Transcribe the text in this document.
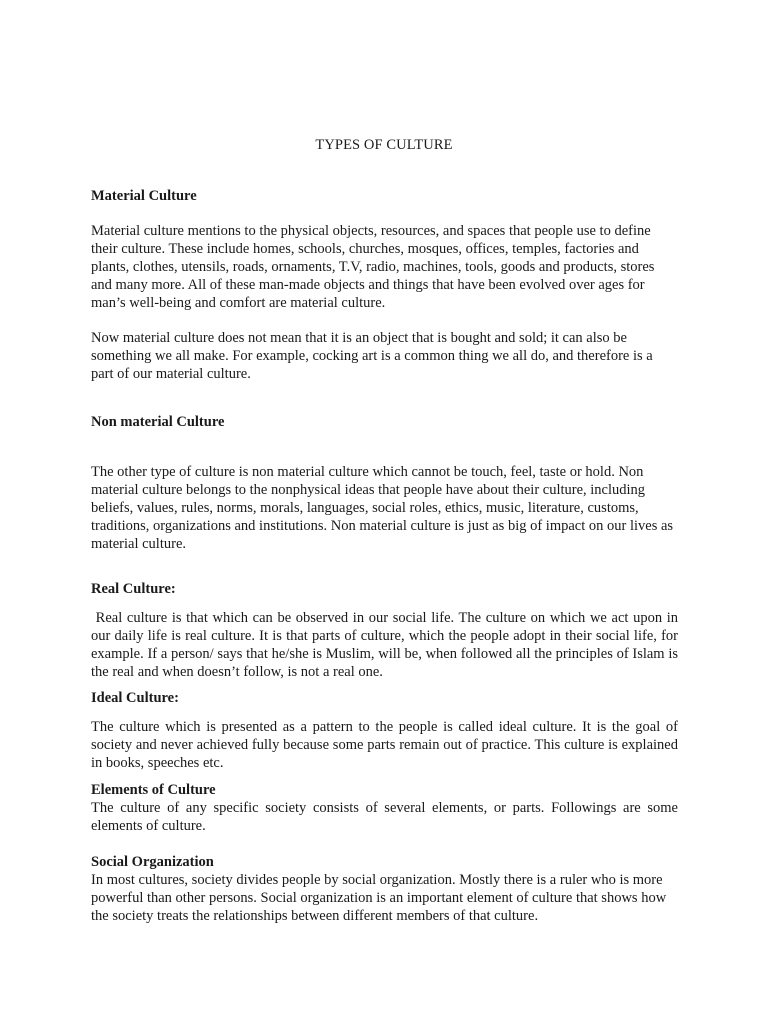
TYPES OF CULTURE
Material Culture

Material culture mentions to the physical objects, resources, and spaces that people use to define their culture. These include homes, schools, churches, mosques, offices, temples, factories and plants, clothes, utensils, roads, ornaments, T.V, radio, machines, tools, goods and products, stores and many more. All of these man-made objects and things that have been evolved over ages for man’s well-being and comfort are material culture.

Now material culture does not mean that it is an object that is bought and sold; it can also be something we all make. For example, cocking art is a common thing we all do, and therefore is a part of our material culture.

Non material Culture

The other type of culture is non material culture which cannot be touch, feel, taste or hold. Non material culture belongs to the nonphysical ideas that people have about their culture, including beliefs, values, rules, norms, morals, languages, social roles, ethics, music, literature, customs, traditions, organizations and institutions. Non material culture is just as big of impact on our lives as material culture.

Real Culture:

Real culture is that which can be observed in our social life. The culture on which we act upon in our daily life is real culture. It is that parts of culture, which the people adopt in their social life, for example. If a person/ says that he/she is Muslim, will be, when followed all the principles of Islam is the real and when doesn’t follow, is not a real one.

Ideal Culture:

The culture which is presented as a pattern to the people is called ideal culture. It is the goal of society and never achieved fully because some parts remain out of practice. This culture is explained in books, speeches etc.

Elements of Culture

The culture of any specific society consists of several elements, or parts. Followings are some elements of culture.

Social Organization

In most cultures, society divides people by social organization. Mostly there is a ruler who is more powerful than other persons. Social organization is an important element of culture that shows how the society treats the relationships between different members of that culture.
